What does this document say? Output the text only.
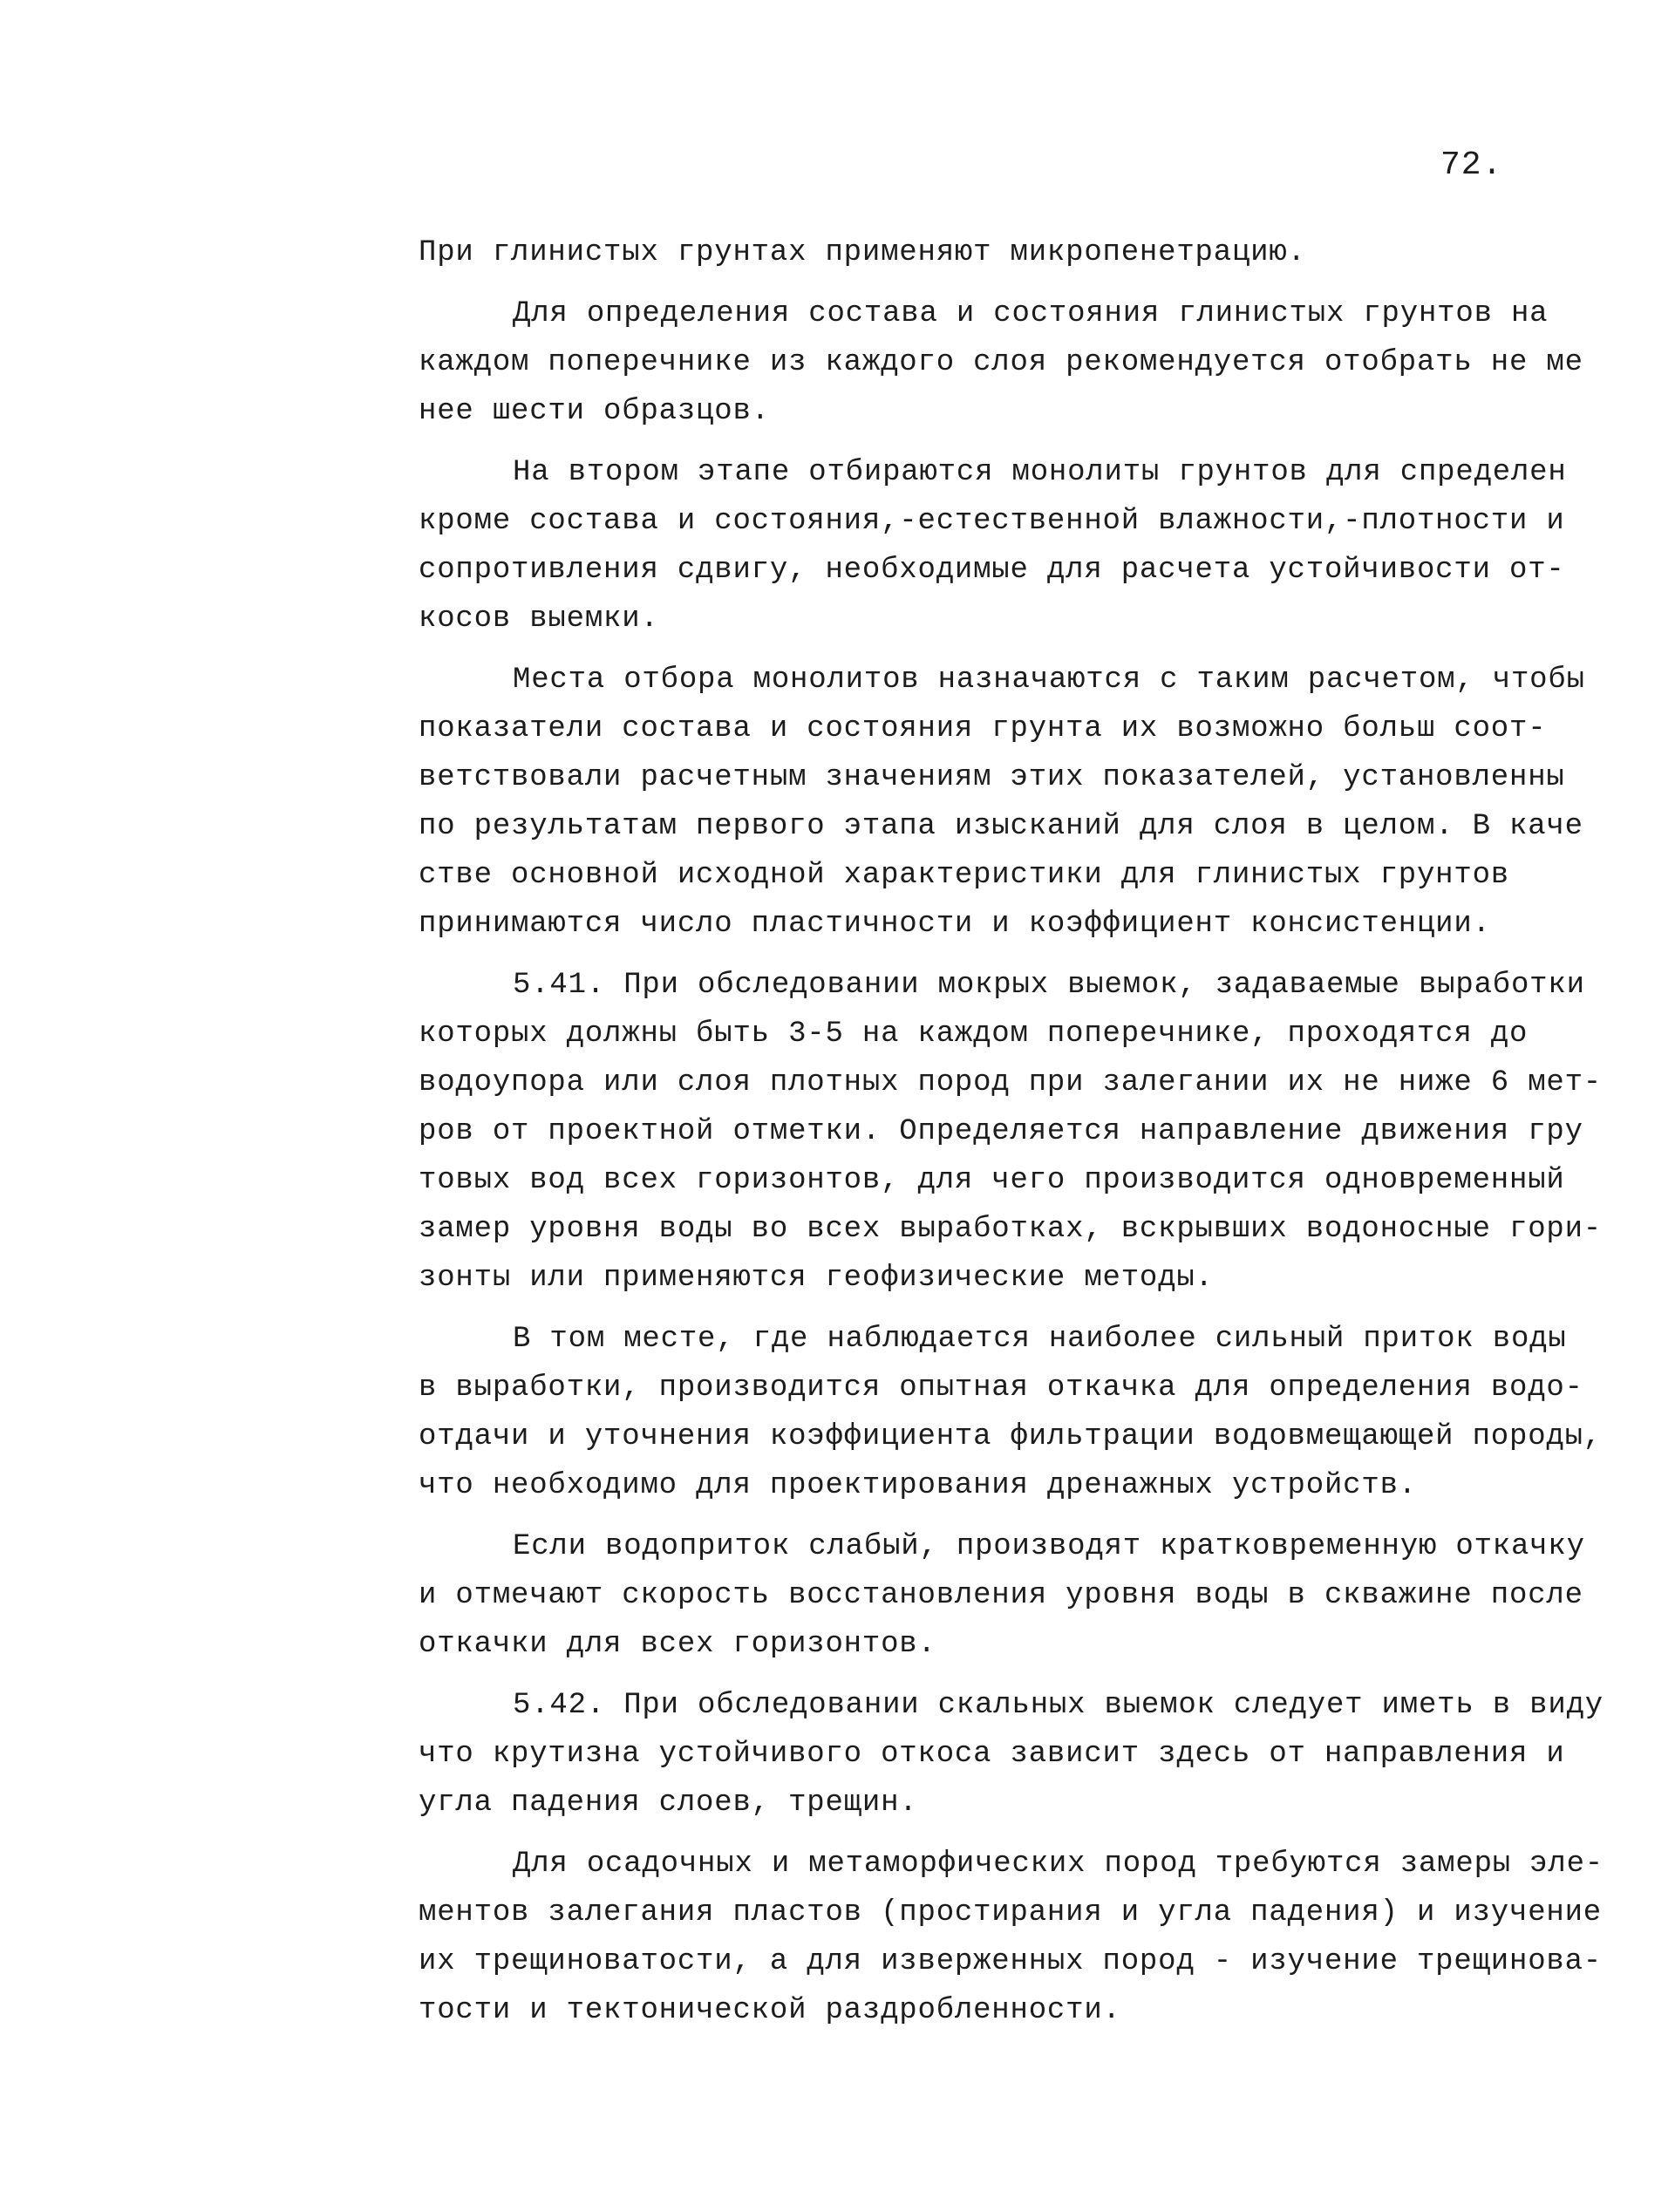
72.

При глинистых грунтах применяют микропенетрацию.

Для определения состава и состояния глинистых грунтов на
каждом поперечнике из каждого слоя рекомендуется отобрать не ме
нее шести образцов.

На втором этапе отбираются монолиты грунтов для спределен
кроме состава и состояния,-естественной влажности,-плотности и
сопротивления сдвигу, необходимые для расчета устойчивости от-
косов выемки.

Места отбора монолитов назначаются с таким расчетом, чтобы
показатели состава и состояния грунта их возможно больш соот-
ветствовали расчетным значениям этих показателей, установленны
по результатам первого этапа изысканий для слоя в целом. В каче
стве основной исходной характеристики для глинистых грунтов
принимаются число пластичности и коэффициент консистенции.

5.41. При обследовании мокрых выемок, задаваемые выработки
которых должны быть 3-5 на каждом поперечнике, проходятся до
водоупора или слоя плотных пород при залегании их не ниже 6 мет-
ров от проектной отметки. Определяется направление движения гру
товых вод всех горизонтов, для чего производится одновременный
замер уровня воды во всех выработках, вскрывших водоносные гори-
зонты или применяются геофизические методы.

В том месте, где наблюдается наиболее сильный приток воды
в выработки, производится опытная откачка для определения водо-
отдачи и уточнения коэффициента фильтрации водовмещающей породы,
что необходимо для проектирования дренажных устройств.

Если водоприток слабый, производят кратковременную откачку
и отмечают скорость восстановления уровня воды в скважине после
откачки для всех горизонтов.

5.42. При обследовании скальных выемок следует иметь в виду
что крутизна устойчивого откоса зависит здесь от направления и
угла падения слоев, трещин.

Для осадочных и метаморфических пород требуются замеры эле-
ментов залегания пластов (простирания и угла падения) и изучение
их трещиноватости, а для изверженных пород - изучение трещинова-
тости и тектонической раздробленности.
